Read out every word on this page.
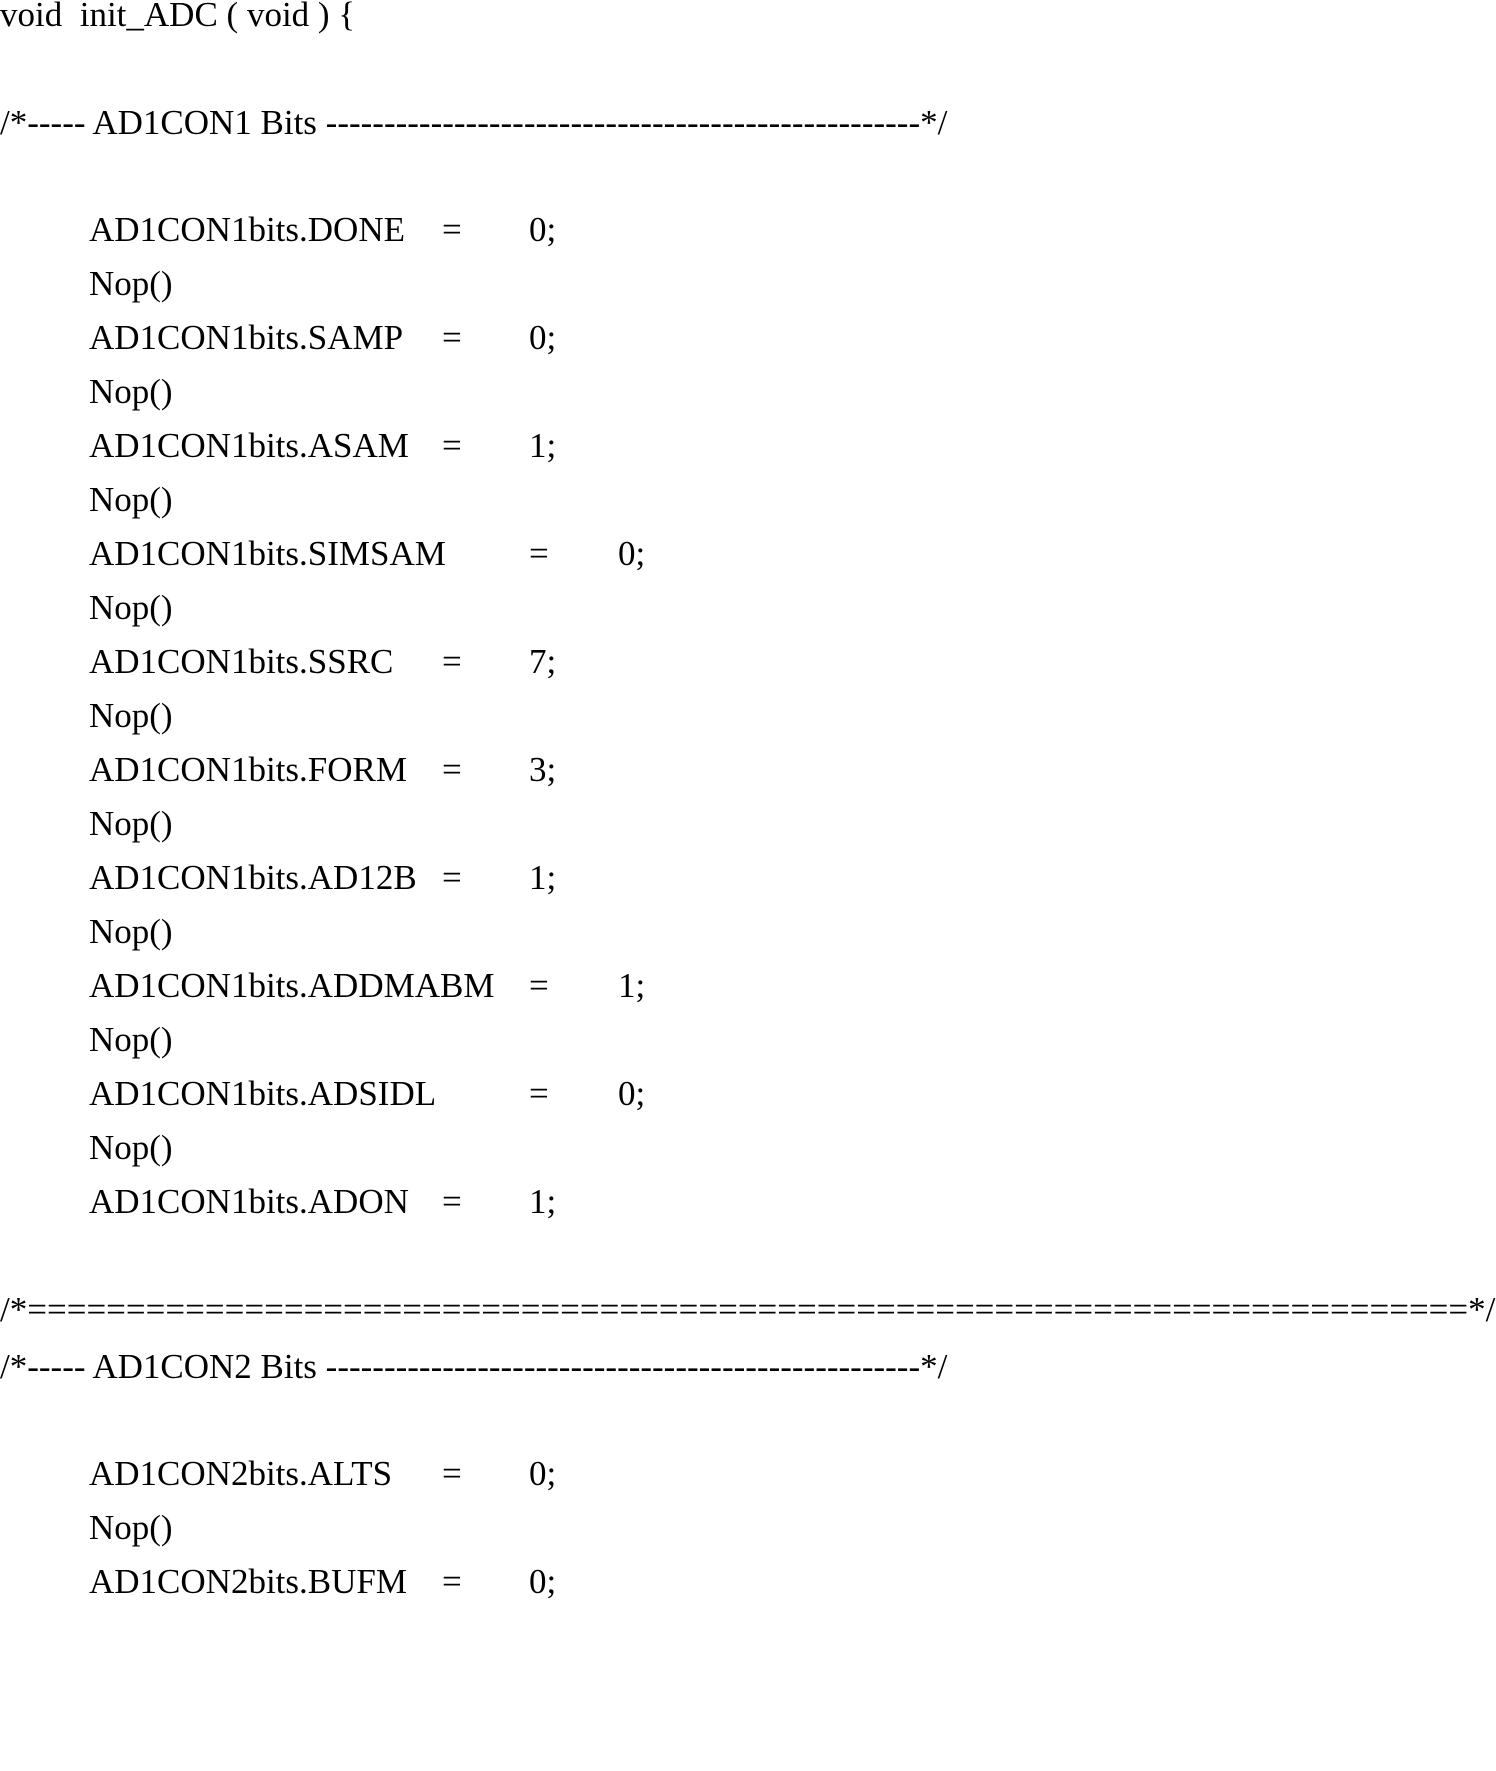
void  init_ADC ( void ) {
/*----- AD1CON1 Bits ---------------------------------------------------*/

AD1CON1bits.DONE

=

0;

Nop()

AD1CON1bits.SAMP

=

0;

Nop()

AD1CON1bits.ASAM

=

1;

Nop()

AD1CON1bits.SIMSAM

=

0;

Nop()

AD1CON1bits.SSRC

=

7;

Nop()

AD1CON1bits.FORM

=

3;

Nop()

AD1CON1bits.AD12B

=

1;

Nop()

AD1CON1bits.ADDMABM

=

1;

Nop()

AD1CON1bits.ADSIDL

	=

0;

Nop()

AD1CON1bits.ADON

=

1;

/*=========================================================================*/
/*----- AD1CON2 Bits ---------------------------------------------------*/

AD1CON2bits.ALTS

=

0;

Nop()

AD1CON2bits.BUFM

=

0;
